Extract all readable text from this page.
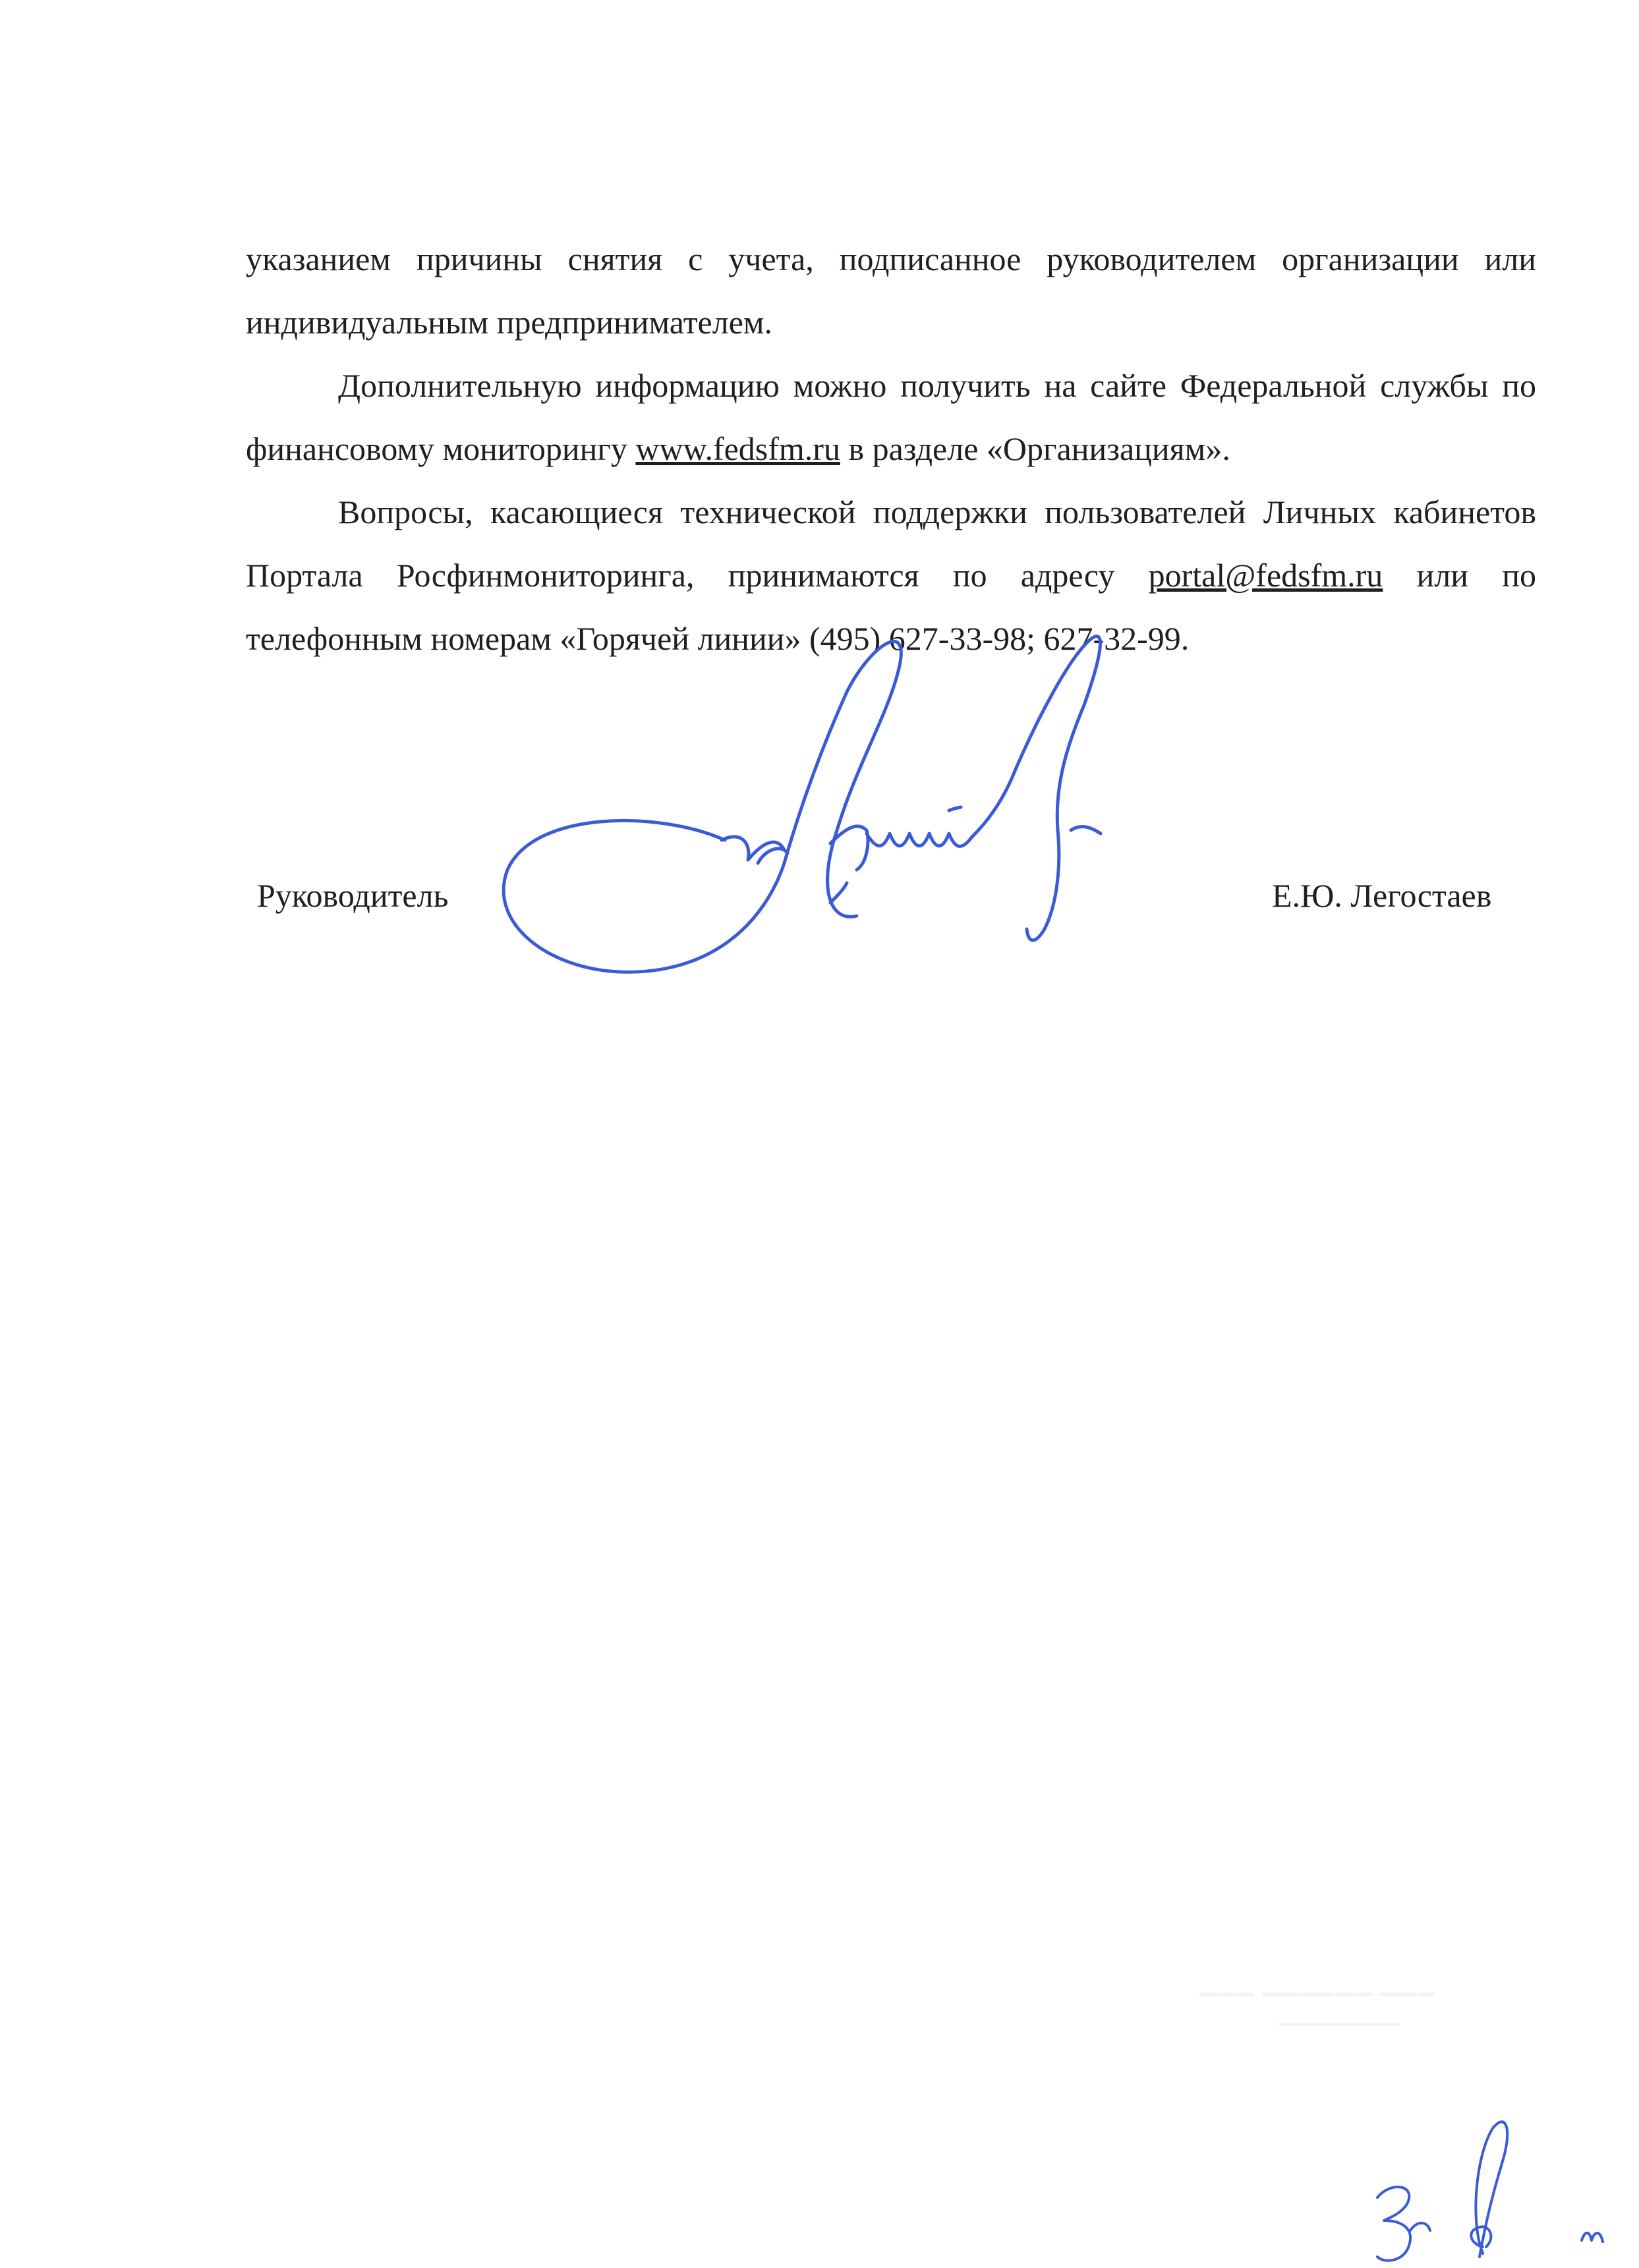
указанием причины снятия с учета, подписанное руководителем организации или индивидуальным предпринимателем.

Дополнительную информацию можно получить на сайте Федеральной службы по финансовому мониторингу www.fedsfm.ru в разделе «Организациям».

Вопросы, касающиеся технической поддержки пользователей Личных кабинетов Портала Росфинмониторинга, принимаются по адресу portal@fedsfm.ru или по телефонным номерам «Горячей линии» (495) 627-33-98; 627-32-99.

Руководитель	Е.Ю. Легостаев
▁▁▁ ▁▁▁▁▁▁ ▁▁▁
▁▁▁▁▁▁▁▁
